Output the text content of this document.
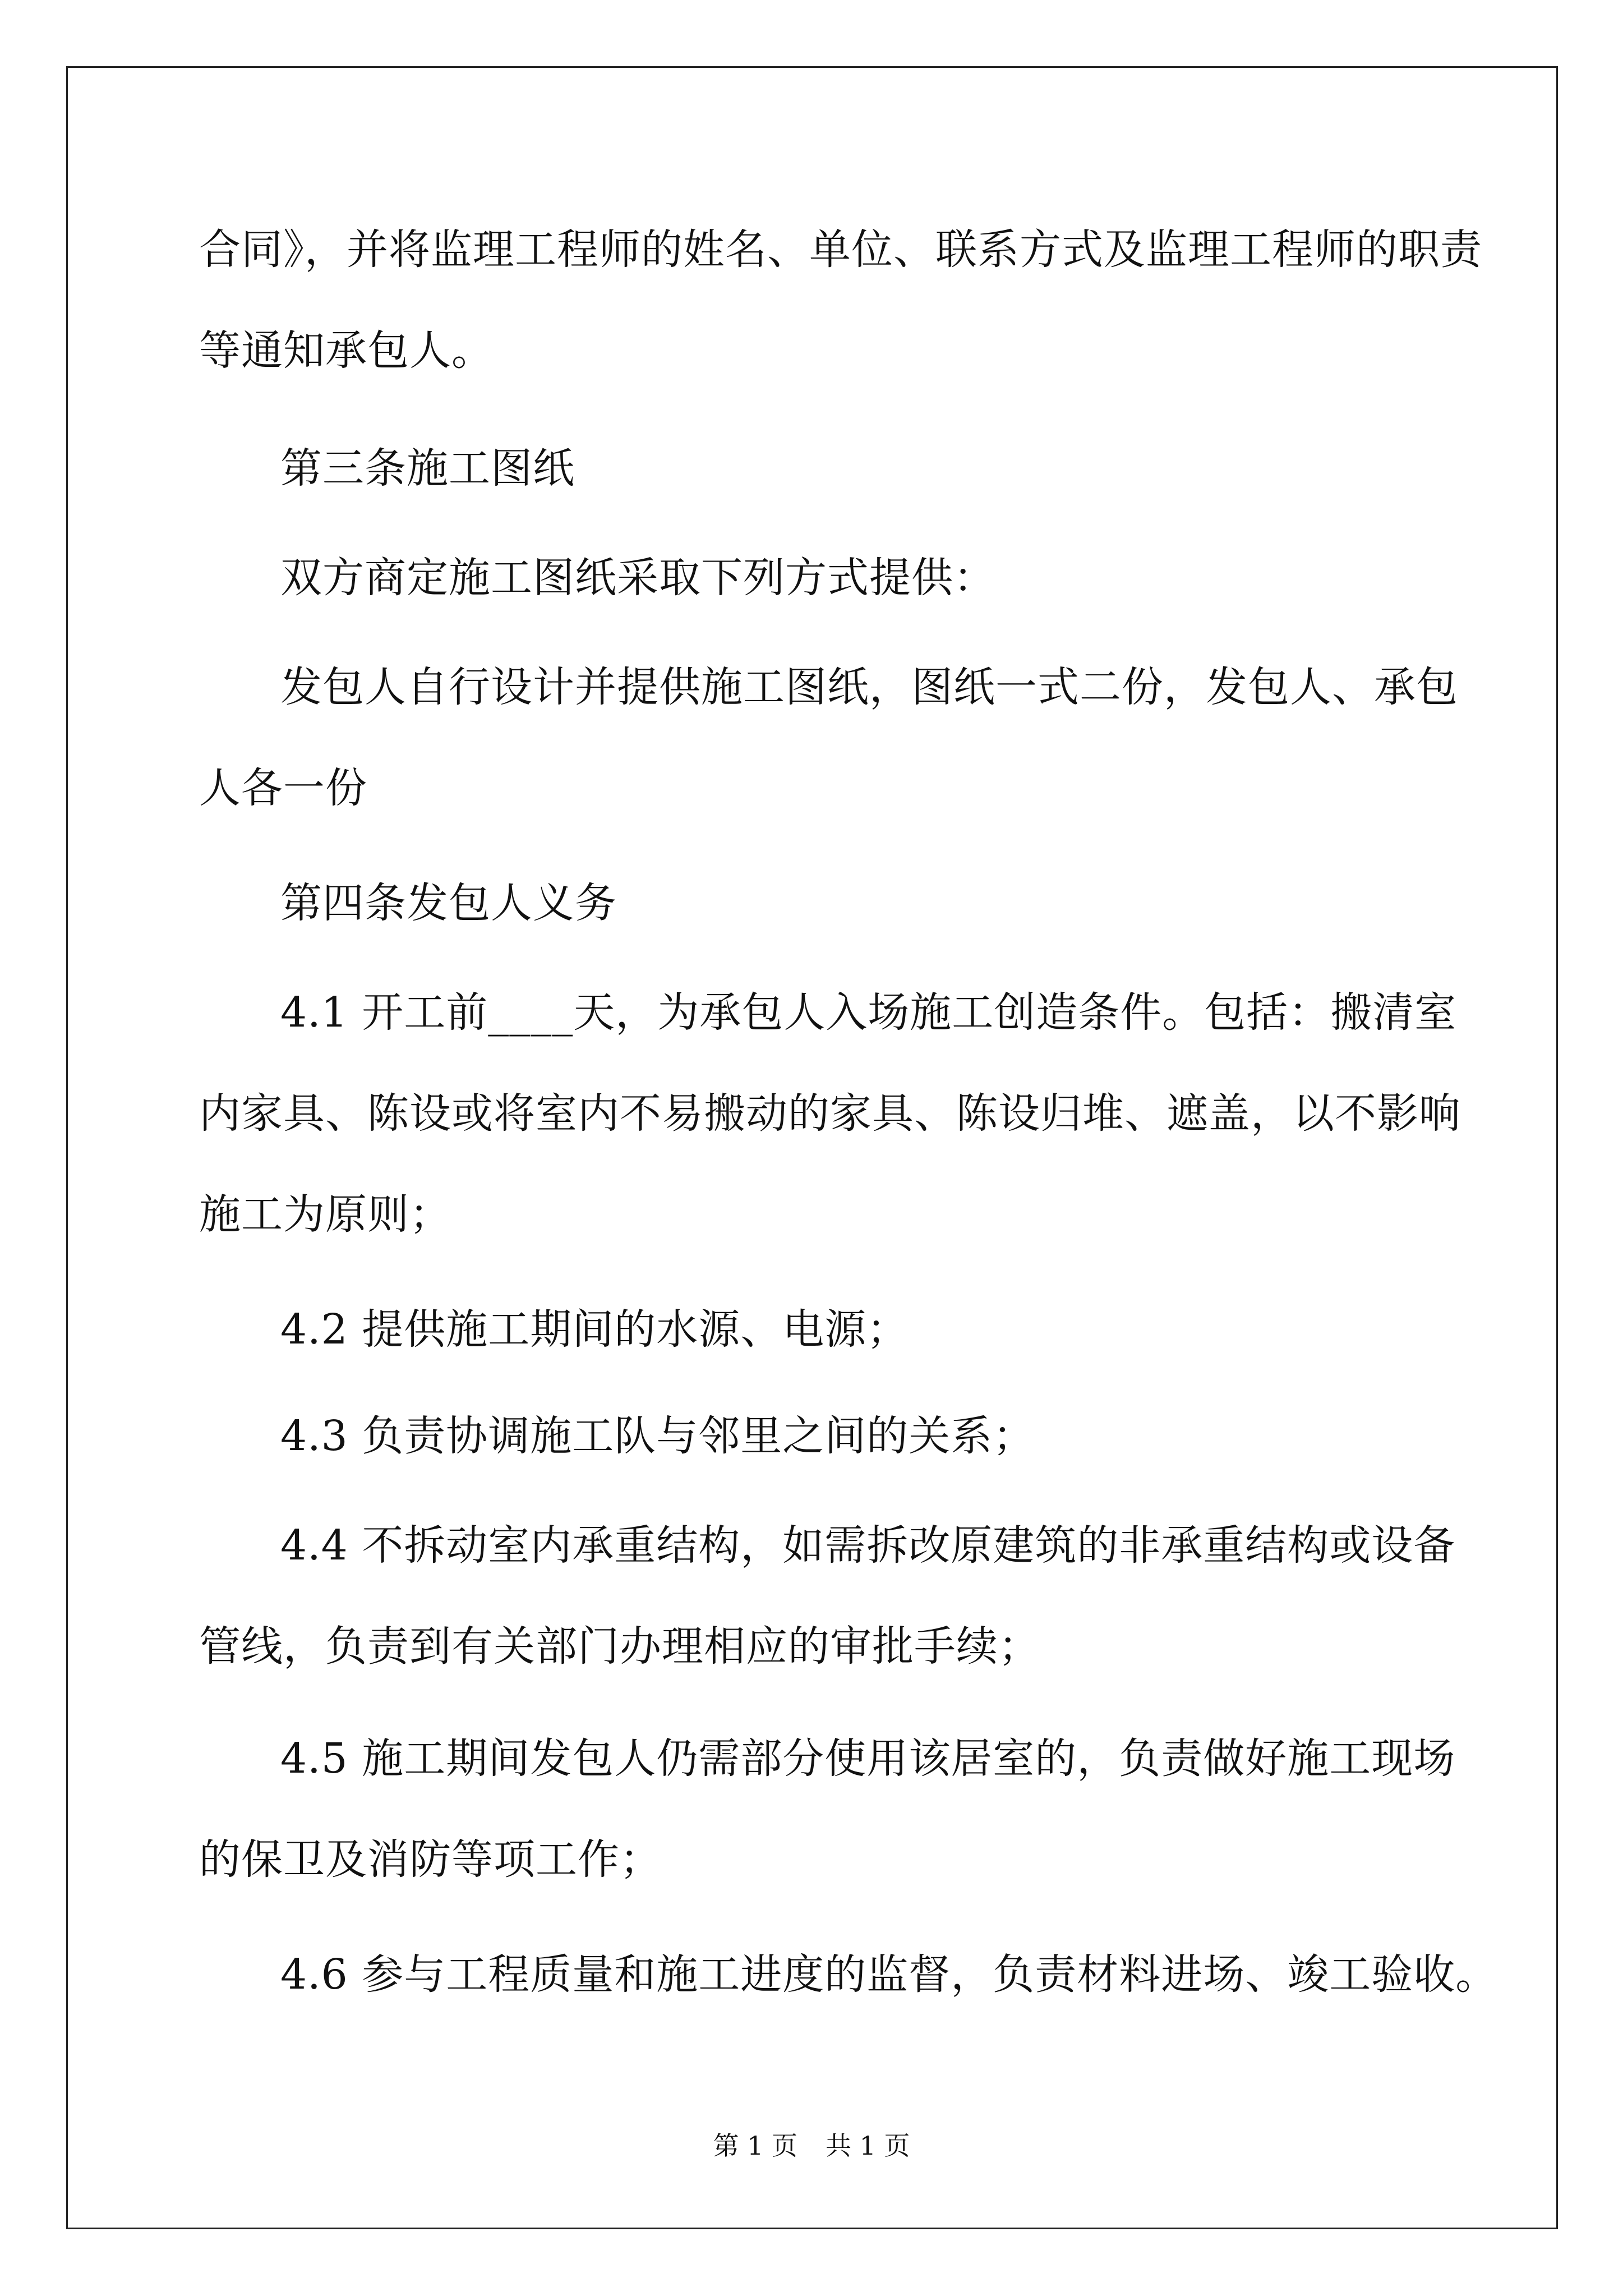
合同》，并将监理工程师的姓名、单位、联系方式及监理工程师的职责
等通知承包人。
第三条施工图纸
双方商定施工图纸采取下列方式提供：
发包人自行设计并提供施工图纸，图纸一式二份，发包人、承包
人各一份
第四条发包人义务
4.1 开工前____天，为承包人入场施工创造条件。包括：搬清室
内家具、陈设或将室内不易搬动的家具、陈设归堆、遮盖，以不影响
施工为原则；
4.2 提供施工期间的水源、电源；
4.3 负责协调施工队与邻里之间的关系；
4.4 不拆动室内承重结构，如需拆改原建筑的非承重结构或设备
管线，负责到有关部门办理相应的审批手续；
4.5 施工期间发包人仍需部分使用该居室的，负责做好施工现场
的保卫及消防等项工作；
4.6 参与工程质量和施工进度的监督，负责材料进场、竣工验收。
第 1 页 共 1 页
